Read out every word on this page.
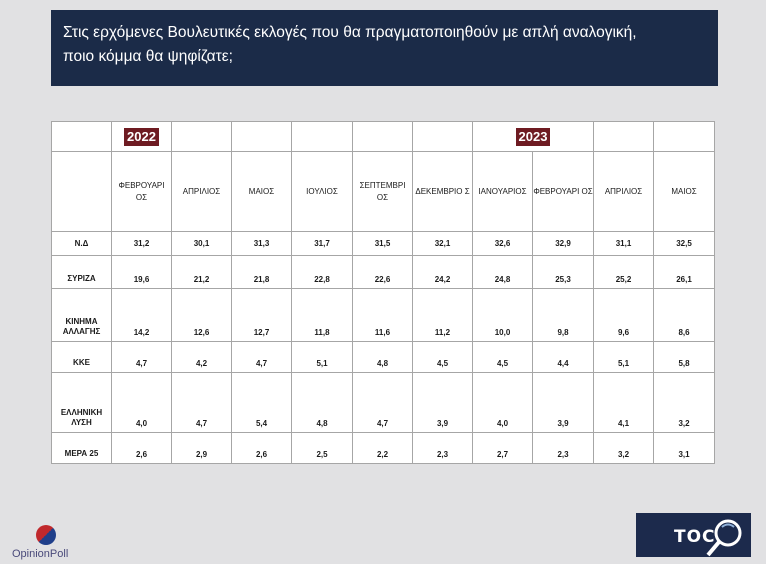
Στις ερχόμενες Βουλευτικές εκλογές που θα πραγματοποιηθούν με απλή αναλογική,
ποιο κόμμα θα ψηφίζατε;
	2022						2023			
	ΦΕΒΡΟΥΑΡΙ ΟΣ	ΑΠΡΙΛΙΟΣ	ΜΑΙΟΣ	ΙΟΥΛΙΟΣ	ΣΕΠΤΕΜΒΡΙ ΟΣ	ΔΕΚΕΜΒΡΙΟ Σ	ΙΑΝΟΥΑΡΙΟΣ	ΦΕΒΡΟΥΑΡΙ ΟΣ	ΑΠΡΙΛΙΟΣ	ΜΑΙΟΣ
Ν.Δ	31,2	30,1	31,3	31,7	31,5	32,1	32,6	32,9	31,1	32,5
ΣΥΡΙΖΑ	19,6	21,2	21,8	22,8	22,6	24,2	24,8	25,3	25,2	26,1
ΚΙΝΗΜΑ ΑΛΛΑΓΗΣ	14,2	12,6	12,7	11,8	11,6	11,2	10,0	9,8	9,6	8,6
ΚΚΕ	4,7	4,2	4,7	5,1	4,8	4,5	4,5	4,4	5,1	5,8
ΕΛΛΗΝΙΚΗ ΛΥΣΗ	4,0	4,7	5,4	4,8	4,7	3,9	4,0	3,9	4,1	3,2
ΜΕΡΑ 25	2,6	2,9	2,6	2,5	2,2	2,3	2,7	2,3	3,2	3,1
OpinionPoll
TOC
